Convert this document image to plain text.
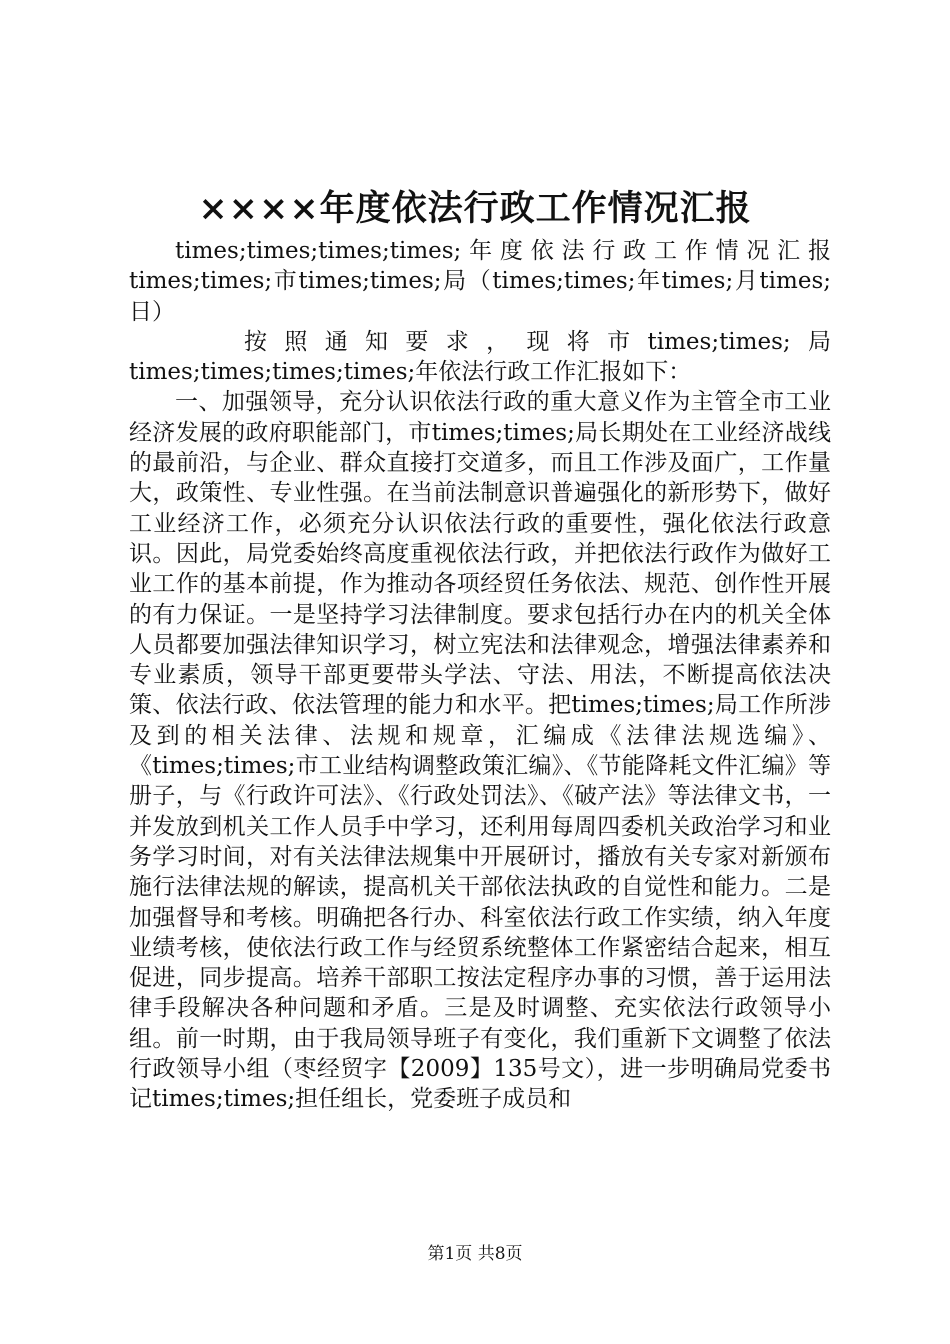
××××年度依法行政工作情况汇报

times;times;times;times;年度依法行政工作情况汇报times;times;市times;times;局（times;times;年times;月times;日）

按照通知要求，现将市times;times;局times;times;times;times;年依法行政工作汇报如下：

一、加强领导，充分认识依法行政的重大意义作为主管全市工业经济发展的政府职能部门，市times;times;局长期处在工业经济战线的最前沿，与企业、群众直接打交道多，而且工作涉及面广，工作量大，政策性、专业性强。在当前法制意识普遍强化的新形势下，做好工业经济工作，必须充分认识依法行政的重要性，强化依法行政意识。因此，局党委始终高度重视依法行政，并把依法行政作为做好工业工作的基本前提，作为推动各项经贸任务依法、规范、创作性开展的有力保证。一是坚持学习法律制度。要求包括行办在内的机关全体人员都要加强法律知识学习，树立宪法和法律观念，增强法律素养和专业素质，领导干部更要带头学法、守法、用法，不断提高依法决策、依法行政、依法管理的能力和水平。把times;times;局工作所涉及到的相关法律、法规和规章，汇编成《法律法规选编》、《times;times;市工业结构调整政策汇编》、《节能降耗文件汇编》等册子，与《行政许可法》、《行政处罚法》、《破产法》等法律文书，一并发放到机关工作人员手中学习，还利用每周四委机关政治学习和业务学习时间，对有关法律法规集中开展研讨，播放有关专家对新颁布施行法律法规的解读，提高机关干部依法执政的自觉性和能力。二是加强督导和考核。明确把各行办、科室依法行政工作实绩，纳入年度业绩考核，使依法行政工作与经贸系统整体工作紧密结合起来，相互促进，同步提高。培养干部职工按法定程序办事的习惯，善于运用法律手段解决各种问题和矛盾。三是及时调整、充实依法行政领导小组。前一时期，由于我局领导班子有变化，我们重新下文调整了依法行政领导小组（枣经贸字【2009】135号文），进一步明确局党委书记times;times;担任组长，党委班子成员和

第1页 共8页
